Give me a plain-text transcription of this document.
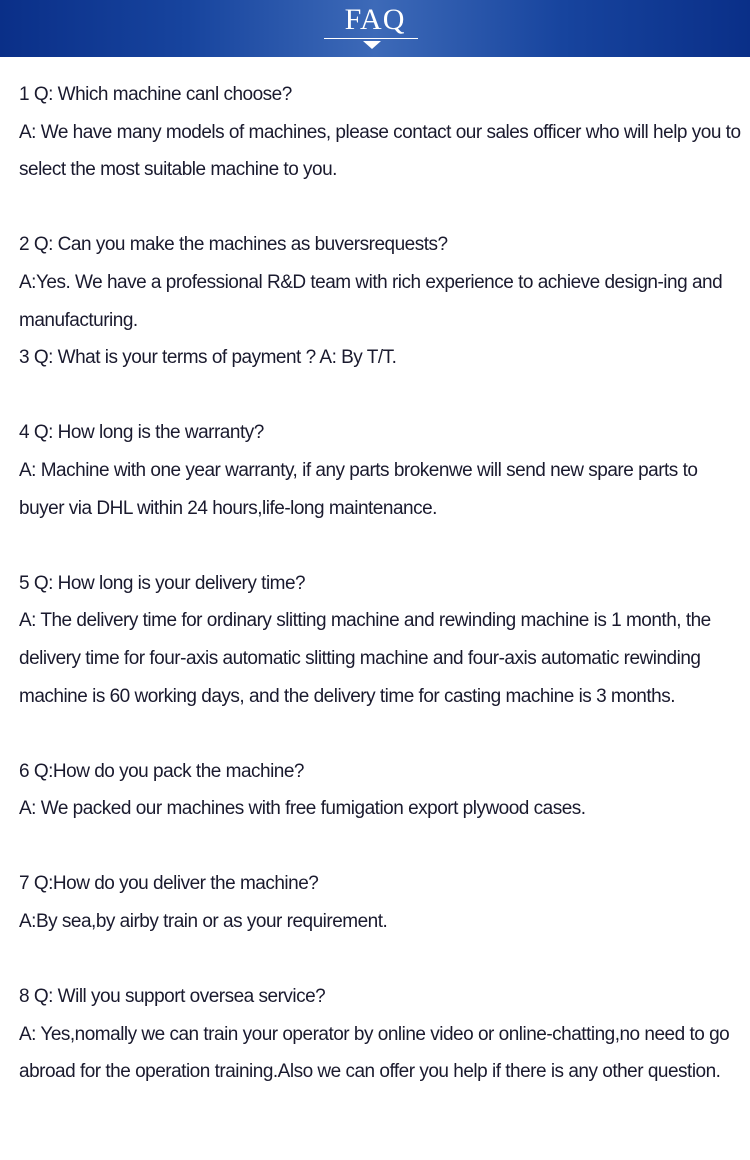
FAQ

1 Q: Which machine canl choose?

A: We have many models of machines, please contact our sales officer who will help you to select the most suitable machine to you.

2 Q: Can you make the machines as buversrequests?

A:Yes. We have a professional R&D team with rich experience to achieve design-ing and manufacturing.

3 Q: What is your terms of payment ? A: By T/T.

4 Q: How long is the warranty?

A: Machine with one year warranty, if any parts brokenwe will send new spare parts to buyer via DHL within 24 hours,life-long maintenance.

5 Q: How long is your delivery time?

A: The delivery time for ordinary slitting machine and rewinding machine is 1 month, the delivery time for four-axis automatic slitting machine and four-axis automatic rewinding machine is 60 working days, and the delivery time for casting machine is 3 months.

6 Q:How do you pack the machine?

A: We packed our machines with free fumigation export plywood cases.

7 Q:How do you deliver the machine?

A:By sea,by airby train or as your requirement.

8 Q: Will you support oversea service?

A: Yes,nomally we can train your operator by online video or online-chatting,no need to go abroad for the operation training.Also we can offer you help if there is any other question.
